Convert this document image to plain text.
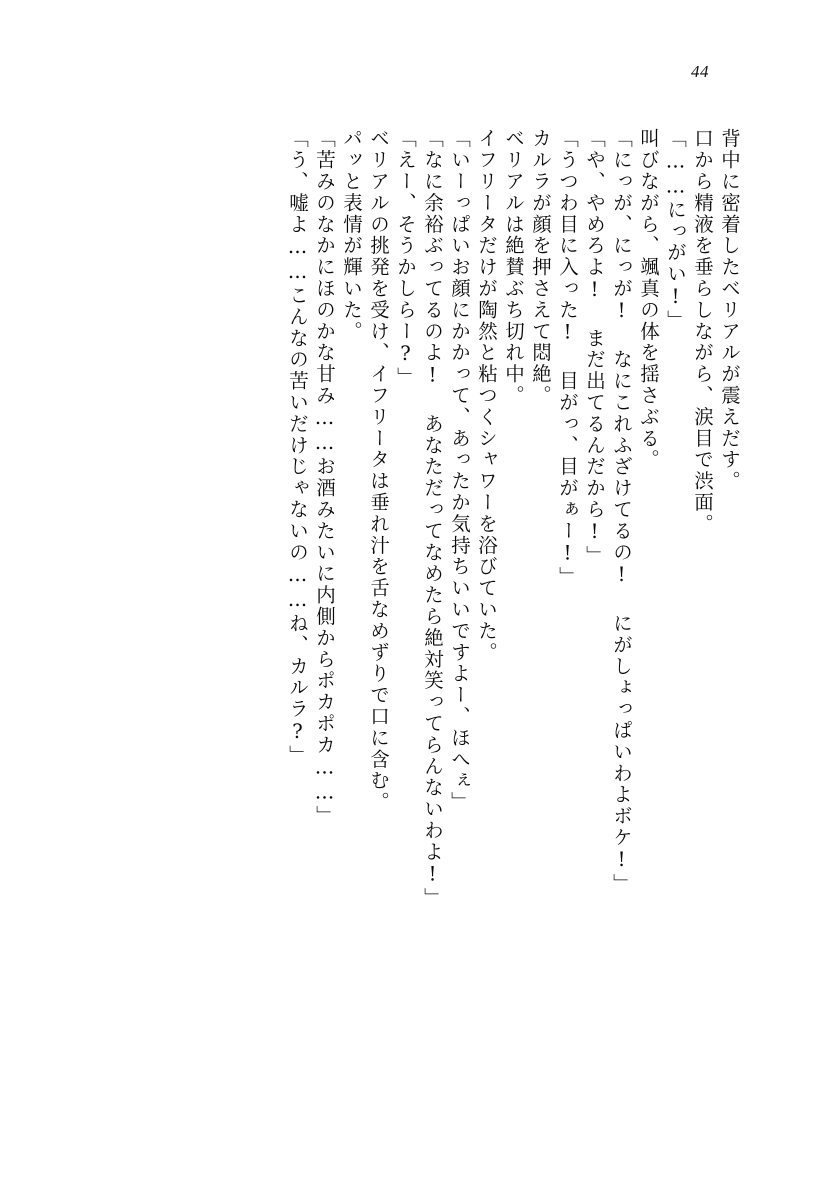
44
背中に密着したベリアルが震えだす。
口から精液を垂らしながら、涙目で渋面。
「……にっがい!」
叫びながら、颯真の体を揺さぶる。
「にっが、にっが! なにこれふざけてるの! にがしょっぱいわよボケ!」
「や、やめろよ! まだ出てるんだから!」
「うつわ目に入った! 目がっ、目がぁー!」
カルラが顔を押さえて悶絶。
ベリアルは絶賛ぶち切れ中。
イフリータだけが陶然と粘つくシャワーを浴びていた。
「いーっぱいお顔にかかって、あったか気持ちいいですよー、ほへぇ」
「なに余裕ぶってるのよ! あなただってなめたら絶対笑ってらんないわよ!」
「えー、そうかしらー?」
ベリアルの挑発を受け、イフリータは垂れ汁を舌なめずりで口に含む。
パッと表情が輝いた。
「苦みのなかにほのかな甘み……お酒みたいに内側からポカポカ……」
「う、嘘よ……こんなの苦いだけじゃないの……ね、カルラ?」
